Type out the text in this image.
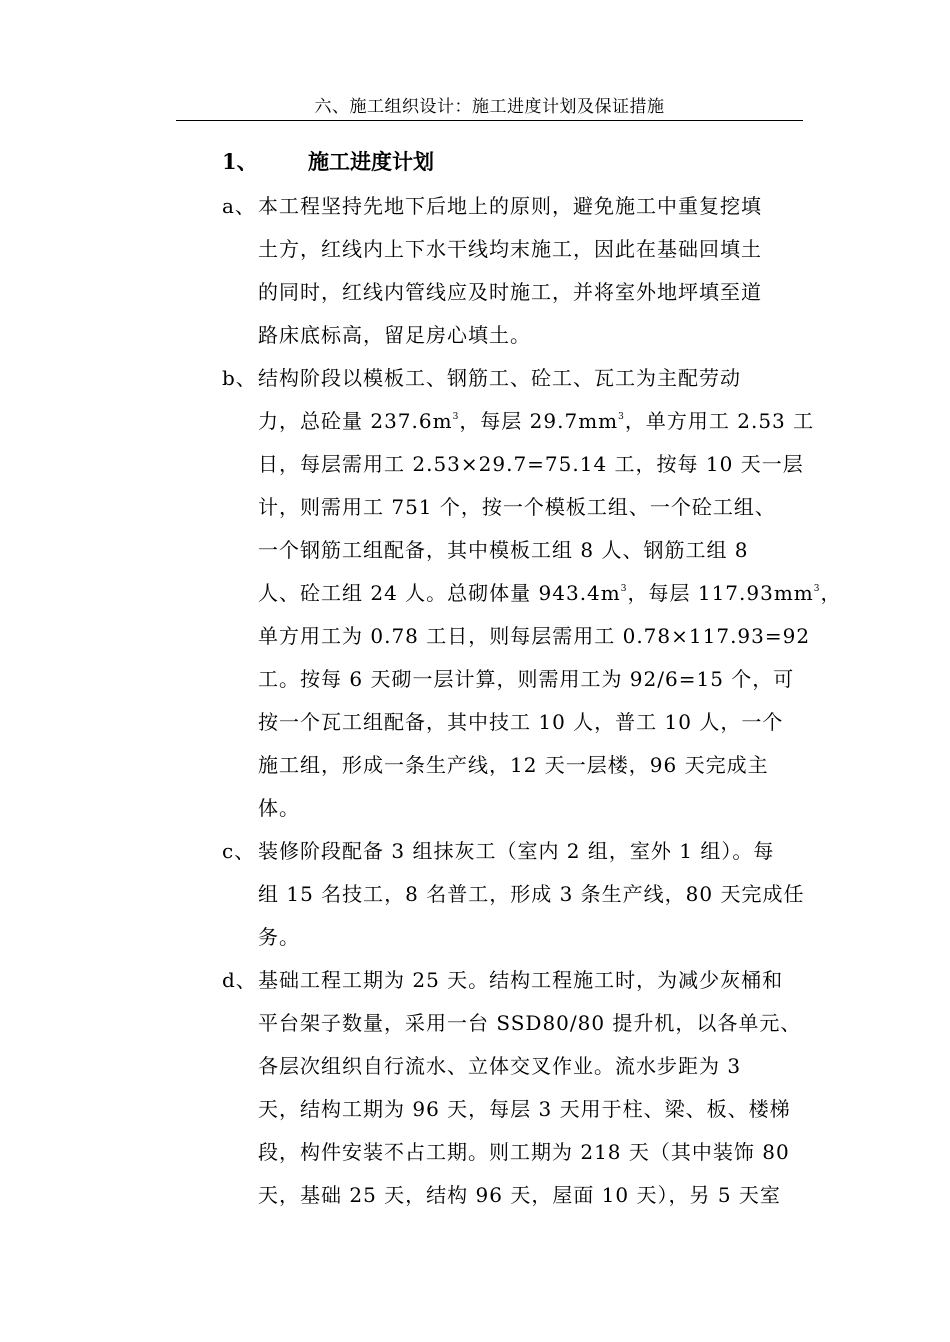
六、施工组织设计：施工进度计划及保证措施
1、 施工进度计划
a、 本工程坚持先地下后地上的原则，避免施工中重复挖填
土方，红线内上下水干线均末施工，因此在基础回填土
的同时，红线内管线应及时施工，并将室外地坪填至道
路床底标高，留足房心填土。
b、 结构阶段以模板工、钢筋工、砼工、瓦工为主配劳动
力，总砼量 $237.6m^3$，每层 $29.7mm^3$，单方用工 2.53 工
日，每层需用工 2.53×29.7=75.14 工，按每 10 天一层
计，则需用工 751 个，按一个模板工组、一个砼工组、
一个钢筋工组配备，其中模板工组 8 人、钢筋工组 8
人、砼工组 24 人。总砌体量 $943.4m^3$，每层 $117.93mm^3$，
单方用工为 0.78 工日，则每层需用工 0.78×117.93=92
工。按每 6 天砌一层计算，则需用工为 92/6=15 个，可
按一个瓦工组配备，其中技工 10 人，普工 10 人，一个
施工组，形成一条生产线，12 天一层楼，96 天完成主
体。
c、 装修阶段配备 3 组抹灰工（室内 2 组，室外 1 组）。每
组 15 名技工，8 名普工，形成 3 条生产线，80 天完成任
务。
d、 基础工程工期为 25 天。结构工程施工时，为减少灰桶和
平台架子数量，采用一台 SSD80/80 提升机，以各单元、
各层次组织自行流水、立体交叉作业。流水步距为 3
天，结构工期为 96 天，每层 3 天用于柱、梁、板、楼梯
段，构件安装不占工期。则工期为 218 天（其中装饰 80
天，基础 25 天，结构 96 天，屋面 10 天），另 5 天室
